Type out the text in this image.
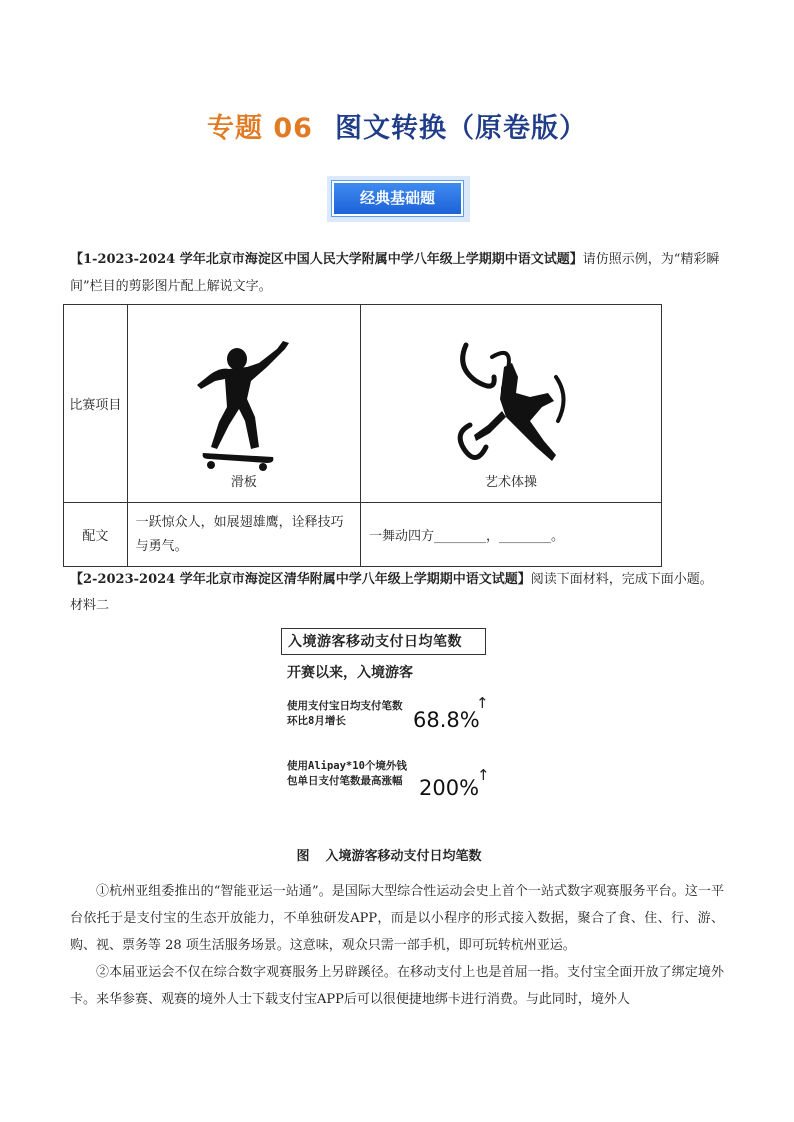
专题 06 图文转换（原卷版）
经典基础题
【1-2023-2024 学年北京市海淀区中国人民大学附属中学八年级上学期期中语文试题】请仿照示例，为“精彩瞬间”栏目的剪影图片配上解说文字。
比赛项目	滑板	艺术体操

配文	一跃惊众人，如展翅雄鹰，诠释技巧与勇气。	一舞动四方________，________。
【2-2023-2024 学年北京市海淀区清华附属中学八年级上学期期中语文试题】阅读下面材料，完成下面小题。
材料二
入境游客移动支付日均笔数
开赛以来，入境游客
使用支付宝日均支付笔数环比8月增长	68.8%
↑
使用Alipay*10个境外钱包单日支付笔数最高涨幅 200%
↑
图 入境游客移动支付日均笔数
①杭州亚组委推出的“智能亚运一站通”。是国际大型综合性运动会史上首个一站式数字观赛服务平台。这一平台依托于是支付宝的生态开放能力，不单独研发APP，而是以小程序的形式接入数据，聚合了食、住、行、游、购、视、票务等 28 项生活服务场景。这意味，观众只需一部手机，即可玩转杭州亚运。
②本届亚运会不仅在综合数字观赛服务上另辟蹊径。在移动支付上也是首屈一指。支付宝全面开放了绑定境外卡。来华参赛、观赛的境外人士下载支付宝APP后可以很便捷地绑卡进行消费。与此同时，境外人
